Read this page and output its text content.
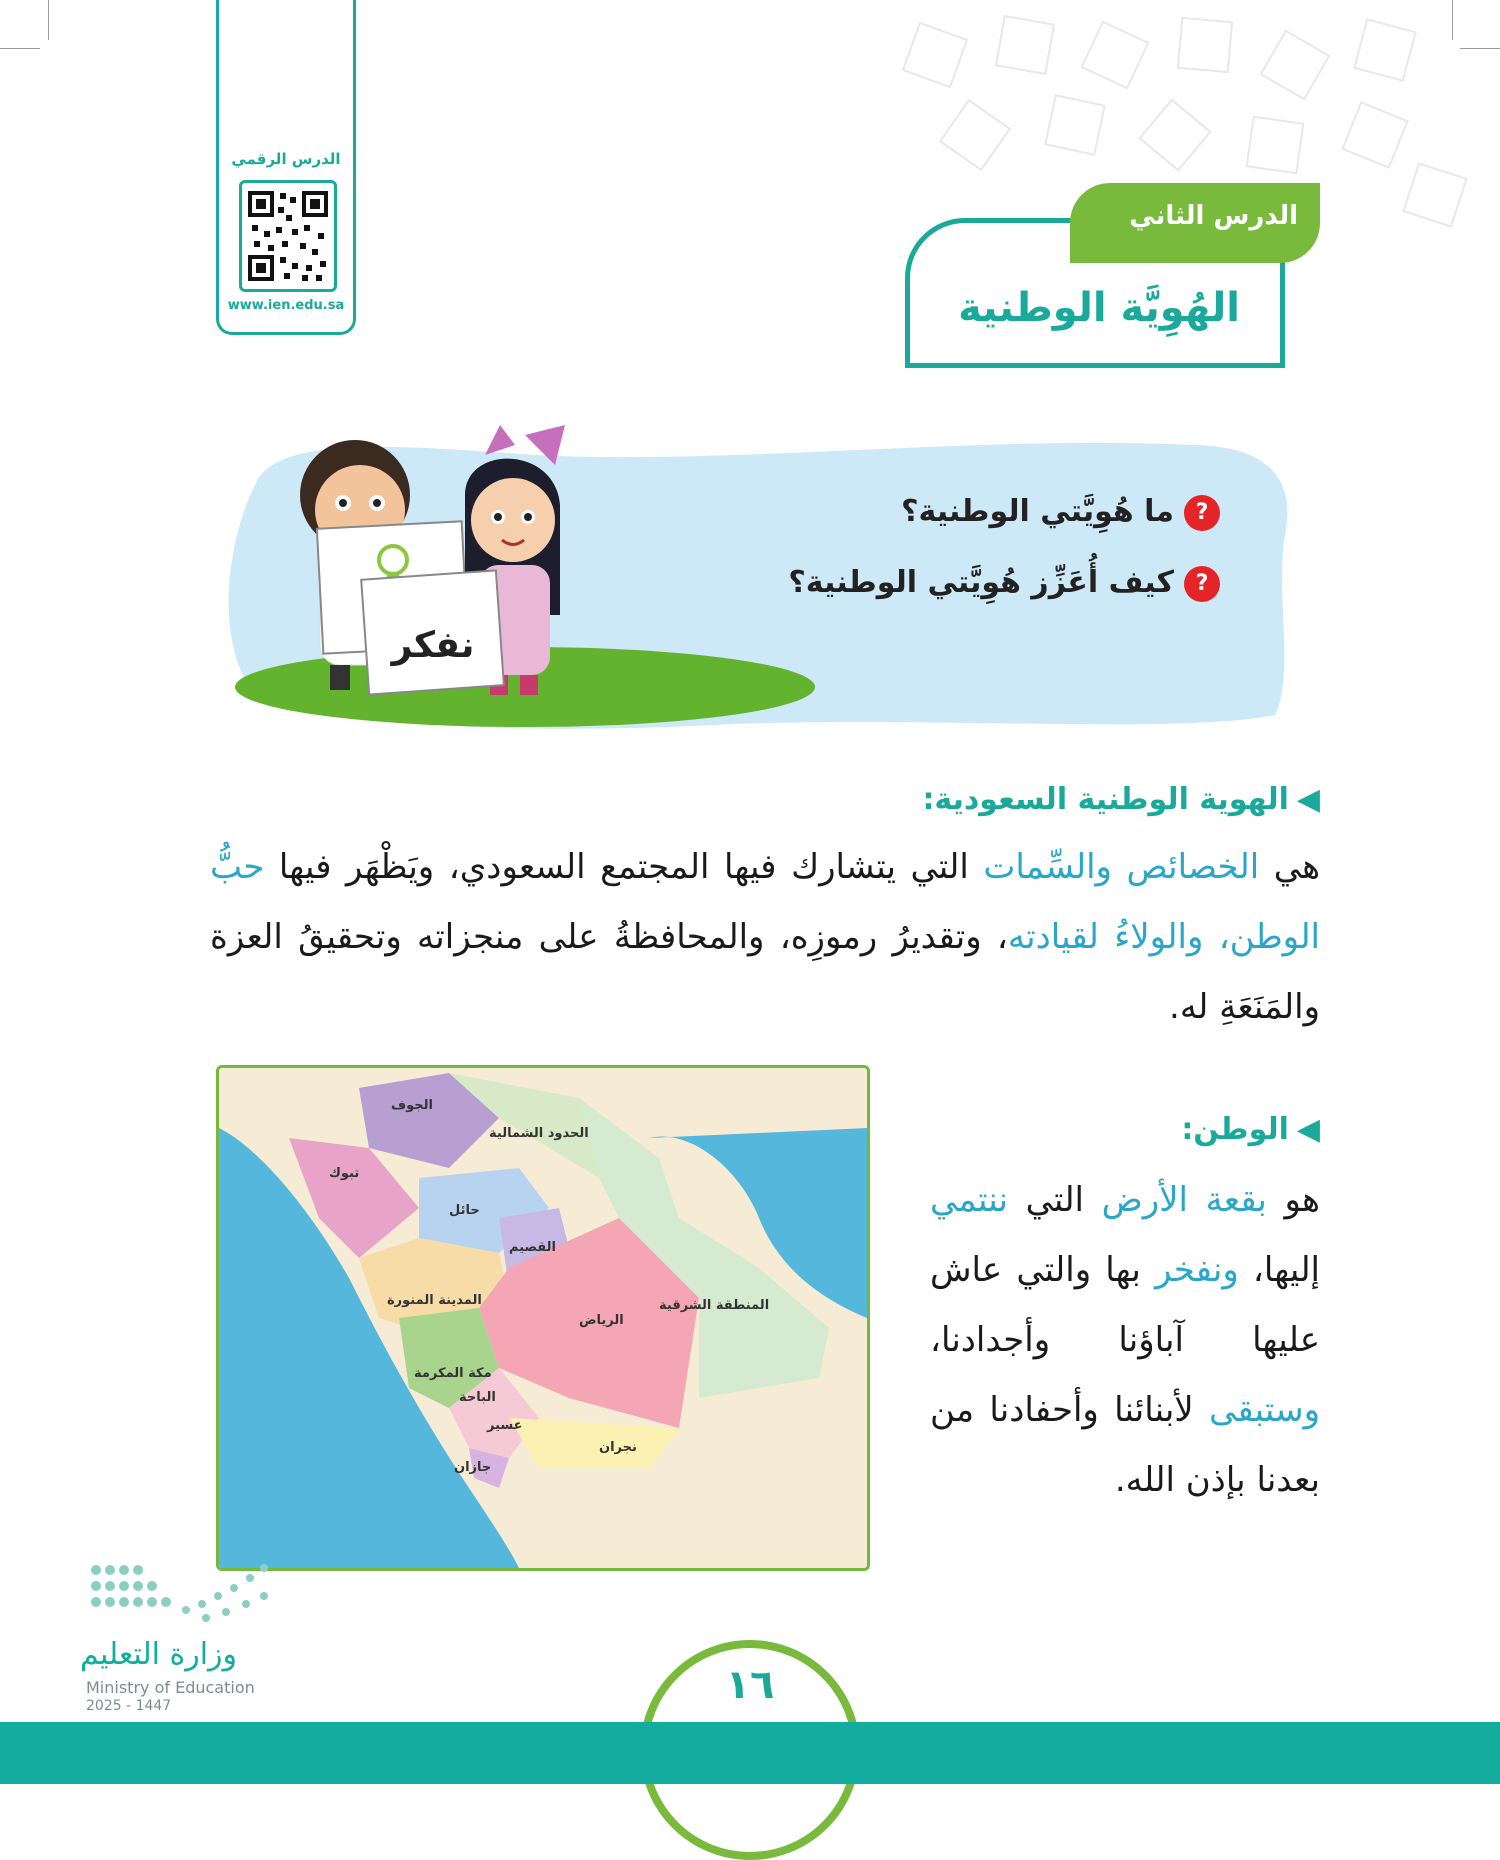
الدرس الرقمي
www.ien.edu.sa	الهُوِيَّة الوطنية
الدرس الثاني
نفكر
?ما هُوِيَّتي الوطنية؟
?كيف أُعَزِّز هُوِيَّتي الوطنية؟
◀الهوية الوطنية السعودية:
هي الخصائص والسِّمات التي يتشارك فيها المجتمع السعودي، ويَظْهَر فيها حبُّ الوطن، والولاءُ لقيادته، وتقديرُ رموزِه، والمحافظةُ على منجزاته وتحقيقُ العزة والمَنَعَةِ له.
الجوف
الحدود الشمالية
تبوك
حائل
القصيم
المدينة المنورة
الرياض
المنطقة الشرقية
مكة المكرمة
الباحة
عسير
جازان
نجران
◀الوطن:
هو بقعة الأرض التي ننتمي إليها، ونفخر بها والتي عاش عليها آباؤنا وأجدادنا، وستبقى لأبنائنا وأحفادنا من بعدنا بإذن الله.
وزارة التعليم
Ministry of Education
2025 - 1447	١٦
